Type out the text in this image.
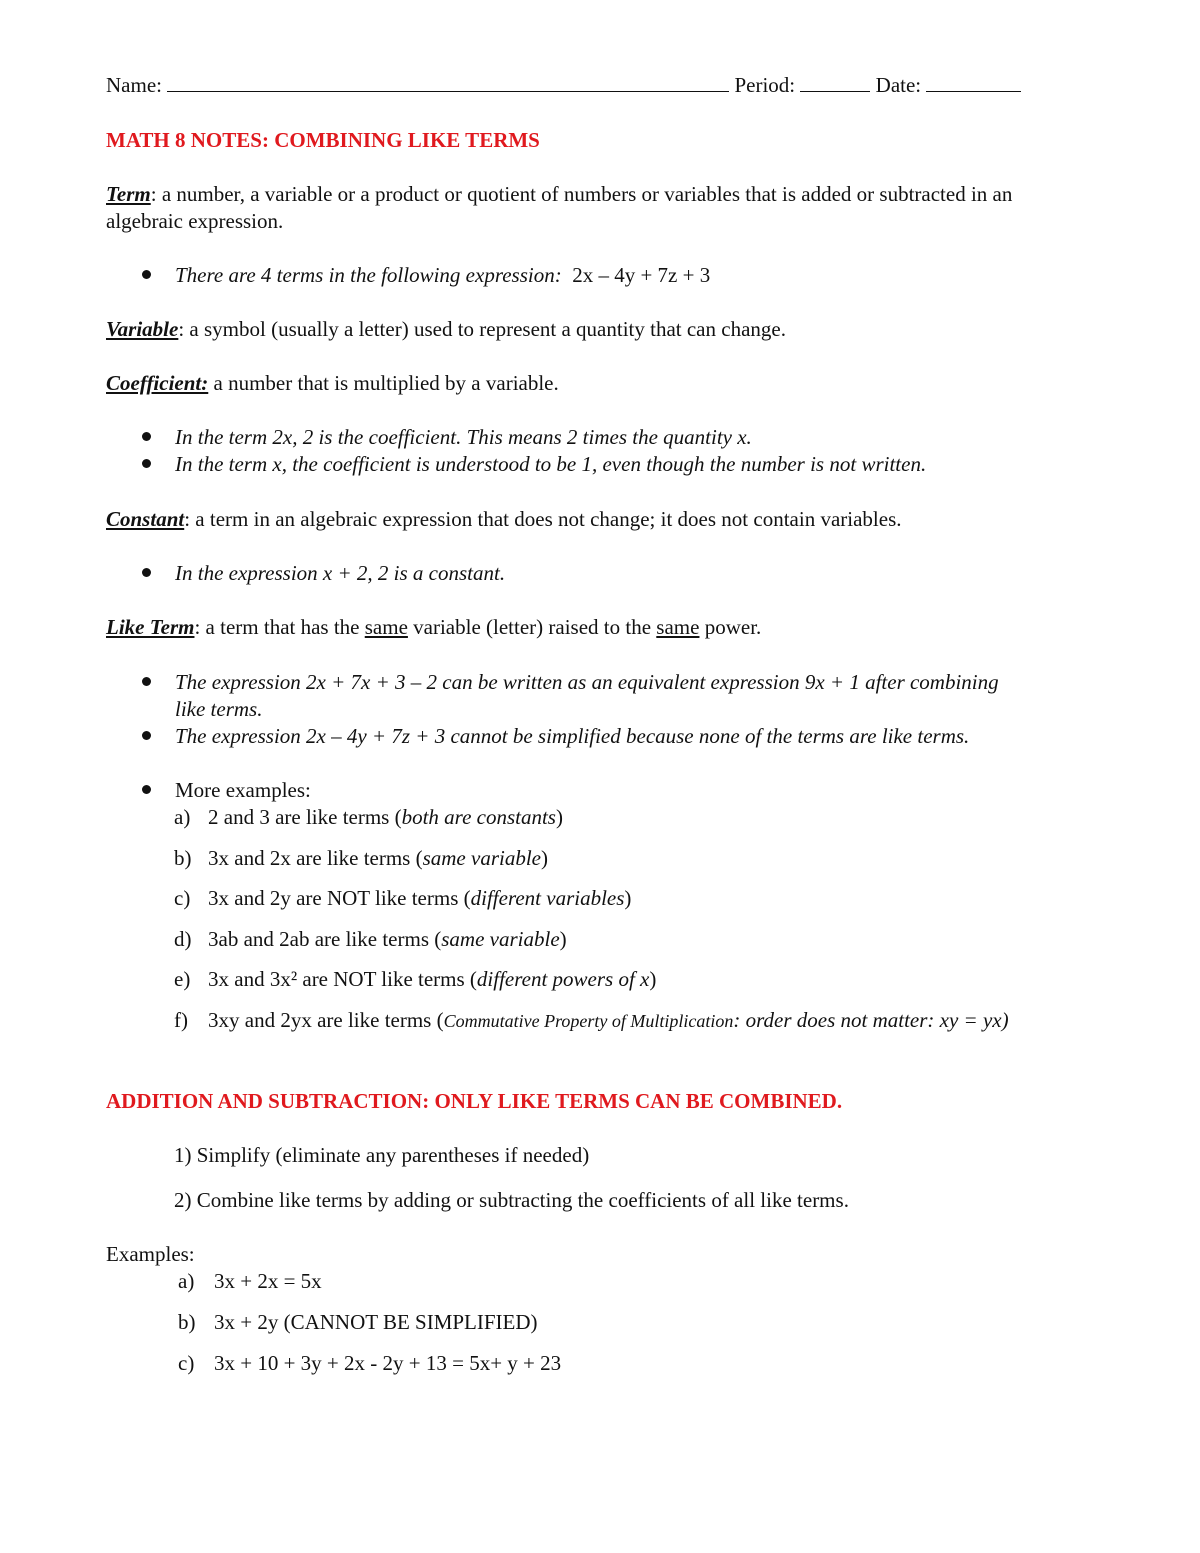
Name:	Period:	Date:
MATH 8 NOTES: COMBINING LIKE TERMS
Term: a number, a variable or a product or quotient of numbers or variables that is added or subtracted in an
algebraic expression.
There are 4 terms in the following expression: 2x – 4y + 7z + 3
Variable: a symbol (usually a letter) used to represent a quantity that can change.
Coefficient: a number that is multiplied by a variable.
In the term 2x, 2 is the coefficient. This means 2 times the quantity x.
In the term x, the coefficient is understood to be 1, even though the number is not written.
Constant: a term in an algebraic expression that does not change; it does not contain variables.
In the expression x + 2, 2 is a constant.
Like Term: a term that has the same variable (letter) raised to the same power.
The expression 2x + 7x + 3 – 2 can be written as an equivalent expression 9x + 1 after combining
like terms.
The expression 2x – 4y + 7z + 3 cannot be simplified because none of the terms are like terms.
More examples:
a) 2 and 3 are like terms (both are constants)
b) 3x and 2x are like terms (same variable)
c) 3x and 2y are NOT like terms (different variables)
d) 3ab and 2ab are like terms (same variable)
e) 3x and 3x² are NOT like terms (different powers of x)
f) 3xy and 2yx are like terms (Commutative Property of Multiplication: order does not matter: xy = yx)
ADDITION AND SUBTRACTION: ONLY LIKE TERMS CAN BE COMBINED.
1) Simplify (eliminate any parentheses if needed)
2) Combine like terms by adding or subtracting the coefficients of all like terms.
Examples:
a) 3x + 2x = 5x
b) 3x + 2y (CANNOT BE SIMPLIFIED)
c) 3x + 10 + 3y + 2x - 2y + 13 = 5x+ y + 23
